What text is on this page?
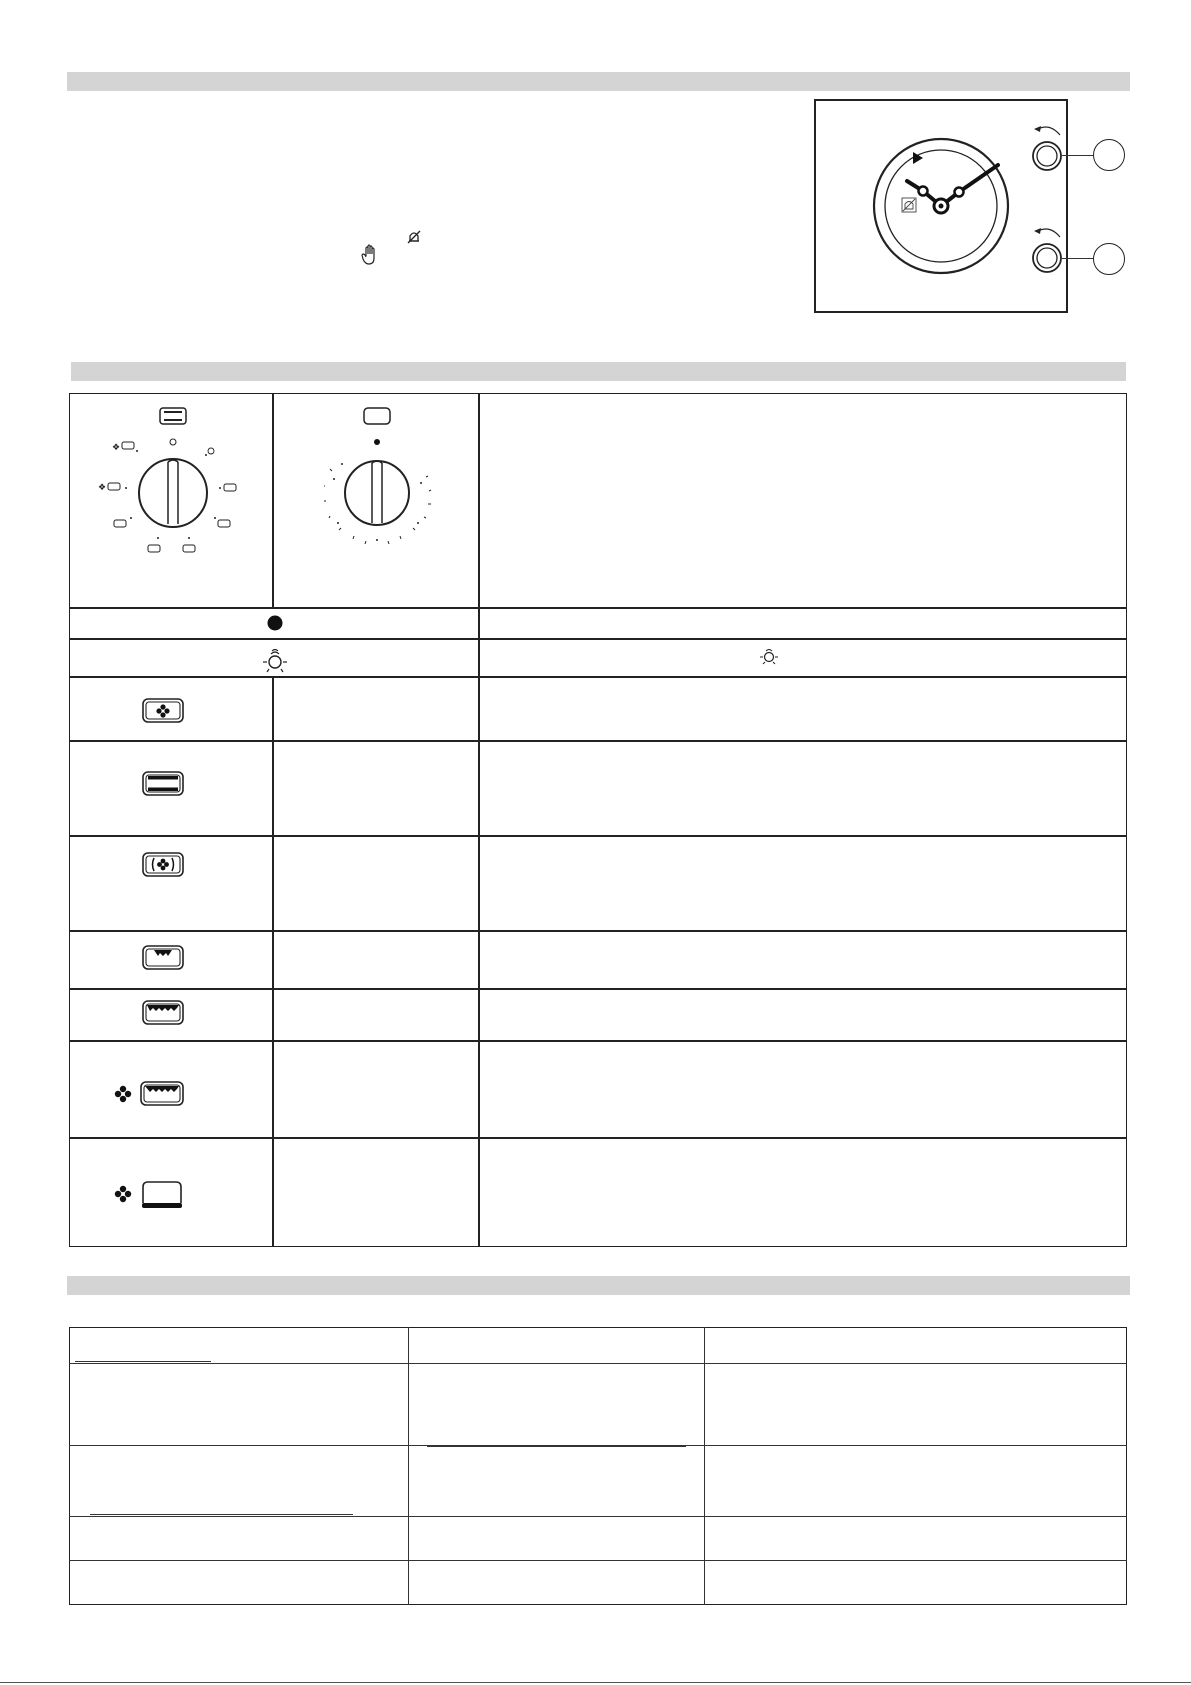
❖
❖
